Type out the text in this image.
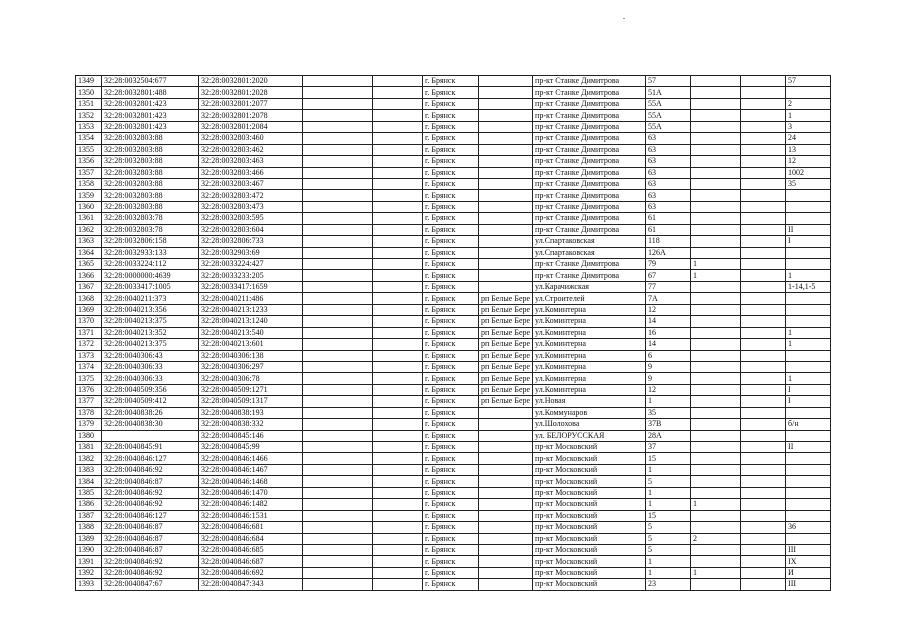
1349	32:28:0032504:677	32:28:0032801:2020			г. Брянск		пр-кт Станке Димитрова	57			57
1350	32:28:0032801:488	32:28:0032801:2028			г. Брянск		пр-кт Станке Димитрова	51А			
1351	32:28:0032801:423	32:28:0032801:2077			г. Брянск		пр-кт Станке Димитрова	55А			2
1352	32:28:0032801:423	32:28:0032801:2078			г. Брянск		пр-кт Станке Димитрова	55А			1
1353	32:28:0032801:423	32:28:0032801:2084			г. Брянск		пр-кт Станке Димитрова	55А			3
1354	32:28:0032803:88	32:28:0032803:460			г. Брянск		пр-кт Станке Димитрова	63			24
1355	32:28:0032803:88	32:28:0032803:462			г. Брянск		пр-кт Станке Димитрова	63			13
1356	32:28:0032803:88	32:28:0032803:463			г. Брянск		пр-кт Станке Димитрова	63			12
1357	32:28:0032803:88	32:28:0032803:466			г. Брянск		пр-кт Станке Димитрова	63			1002
1358	32:28:0032803:88	32:28:0032803:467			г. Брянск		пр-кт Станке Димитрова	63			35
1359	32:28:0032803:88	32:28:0032803:472			г. Брянск		пр-кт Станке Димитрова	63			
1360	32:28:0032803:88	32:28:0032803:473			г. Брянск		пр-кт Станке Димитрова	63			
1361	32:28:0032803:78	32:28:0032803:595			г. Брянск		пр-кт Станке Димитрова	61			
1362	32:28:0032803:78	32:28:0032803:604			г. Брянск		пр-кт Станке Димитрова	61			II
1363	32:28:0032806:158	32:28:0032806:733			г. Брянск		ул.Спартаковская	118			I
1364	32:28:0032933:133	32:28:0032903:69			г. Брянск		ул.Спартаковская	126А			
1365	32:28:0033224:112	32:28:0033224:427			г. Брянск		пр-кт Станке Димитрова	79	1		
1366	32:28:0000000:4639	32:28:0033233:205			г. Брянск		пр-кт Станке Димитрова	67	1		1
1367	32:28:0033417:1005	32:28:0033417:1659			г. Брянск		ул.Карачижская	77			1-14,1-5
1368	32:28:0040211:373	32:28:0040211:486			г. Брянск	рп Белые Бере	ул.Строителей	7А			
1369	32:28:0040213:356	32:28:0040213:1233			г. Брянск	рп Белые Бере	ул.Коминтерна	12			
1370	32:28:0040213:375	32:28:0040213:1240			г. Брянск	рп Белые Бере	ул.Коминтерна	14			
1371	32:28:0040213:352	32:28:0040213:540			г. Брянск	рп Белые Бере	ул.Коминтерна	16			1
1372	32:28:0040213:375	32:28:0040213:601			г. Брянск	рп Белые Бере	ул.Коминтерна	14			1
1373	32:28:0040306:43	32:28:0040306:138			г. Брянск	рп Белые Бере	ул.Коминтерна	6			
1374	32:28:0040306:33	32:28:0040306:297			г. Брянск	рп Белые Бере	ул.Коминтерна	9			
1375	32:28:0040306:33	32:28:0040306:78			г. Брянск	рп Белые Бере	ул.Коминтерна	9			1
1376	32:28:0040509:356	32:28:0040509:1271			г. Брянск	рп Белые Бере	ул.Коминтерна	12			I
1377	32:28:0040509:412	32:28:0040509:1317			г. Брянск	рп Белые Бере	ул.Новая	1			I
1378	32:28:0040838:26	32:28:0040838:193			г. Брянск		ул.Коммунаров	35			
1379	32:28:0040838:30	32:28:0040838:332			г. Брянск		ул.Шолохова	37В			б/н
1380		32:28:0040845:146			г. Брянск		ул. БЕЛОРУССКАЯ	28А			
1381	32:28:0040845:91	32:28:0040845:99			г. Брянск		пр-кт Московский	37			II
1382	32:28:0040846:127	32:28:0040846:1466			г. Брянск		пр-кт Московский	15			
1383	32:28:0040846:92	32:28:0040846:1467			г. Брянск		пр-кт Московский	1			
1384	32:28:0040846:87	32:28:0040846:1468			г. Брянск		пр-кт Московский	5			
1385	32:28:0040846:92	32:28:0040846:1470			г. Брянск		пр-кт Московский	1			
1386	32:28:0040846:92	32:28:0040846:1482			г. Брянск		пр-кт Московский	1	1		
1387	32:28:0040846:127	32:28:0040846:1531			г. Брянск		пр-кт Московский	15			
1388	32:28:0040846:87	32:28:0040846:681			г. Брянск		пр-кт Московский	5			36
1389	32:28:0040846:87	32:28:0040846:684			г. Брянск		пр-кт Московский	5	2		
1390	32:28:0040846:87	32:28:0040846:685			г. Брянск		пр-кт Московский	5			III
1391	32:28:0040846:92	32:28:0040846:687			г. Брянск		пр-кт Московский	1			IX
1392	32:28:0040846:92	32:28:0040846:692			г. Брянск		пр-кт Московский	1	1		И
1393	32:28:0040847:67	32:28:0040847:343			г. Брянск		пр-кт Московский	23			III
